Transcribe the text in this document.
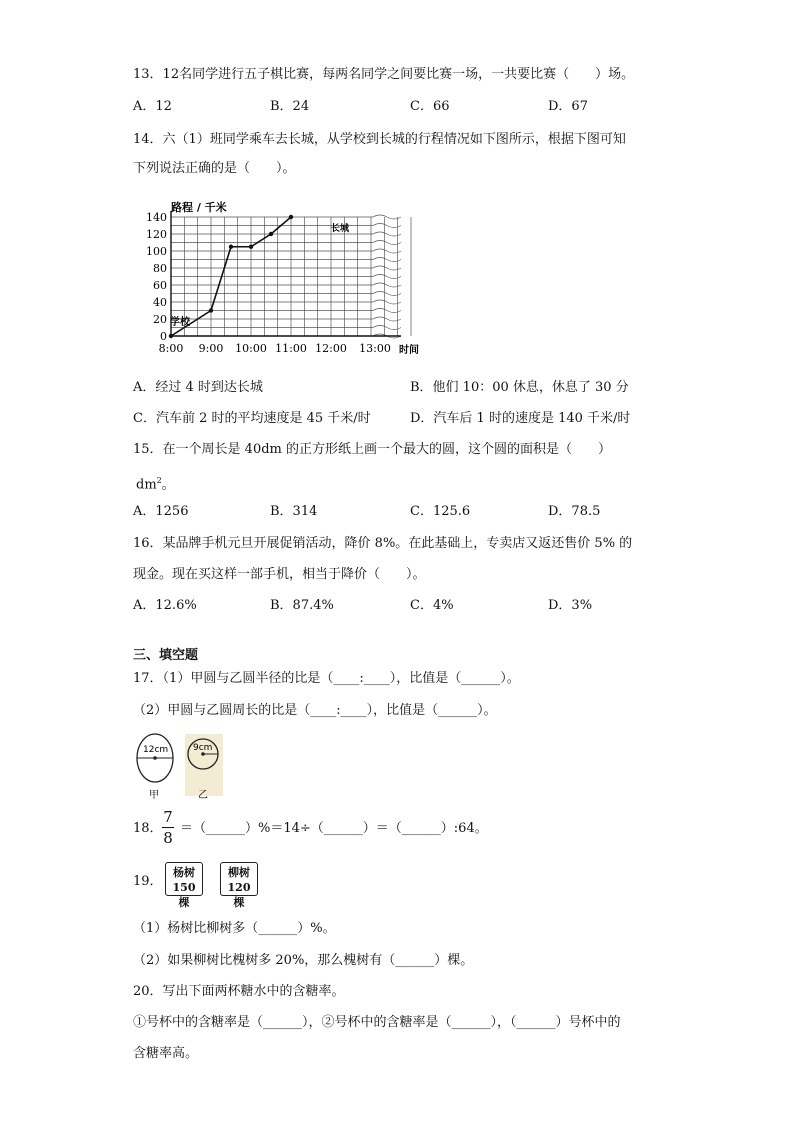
13．12名同学进行五子棋比赛，每两名同学之间要比赛一场，一共要比赛（　　）场。
A．12	B．24	C．66	D．67
14．六（1）班同学乘车去长城，从学校到长城的行程情况如下图所示，根据下图可知
下列说法正确的是（　　）。
0
20
40
60
80
100
120
140
8:00 9:00 10:00 11:00 12:00 13:00
路程 / 千米
时间
学校
长城
A．经过 4 时到达长城	B．他们 10：00 休息，休息了 30 分
C．汽车前 2 时的平均速度是 45 千米/时	D．汽车后 1 时的速度是 140 千米/时
15．在一个周长是 40dm 的正方形纸上画一个最大的圆，这个圆的面积是（　　）
$dm^2$。
A．1256	B．314	C．125.6	D．78.5
16．某品牌手机元旦开展促销活动，降价 8%。在此基础上，专卖店又返还售价 5% 的
现金。现在买这样一部手机，相当于降价（　　）。
A．12.6%	B．87.4%	C．4%	D．3%
三、填空题
17．（1）甲圆与乙圆半径的比是（____:____），比值是（______）。
（2）甲圆与乙圆周长的比是（____:____），比值是（______）。
12cm
甲
9cm
乙
18．
7
8
＝（______）%＝14÷（______）＝（______）:64。
19．
杨树
150 棵
柳树
120 棵
（1）杨树比柳树多（______）%。
（2）如果柳树比槐树多 20%，那么槐树有（______）棵。
20．写出下面两杯糖水中的含糖率。
①号杯中的含糖率是（______），②号杯中的含糖率是（______），（______）号杯中的
含糖率高。
